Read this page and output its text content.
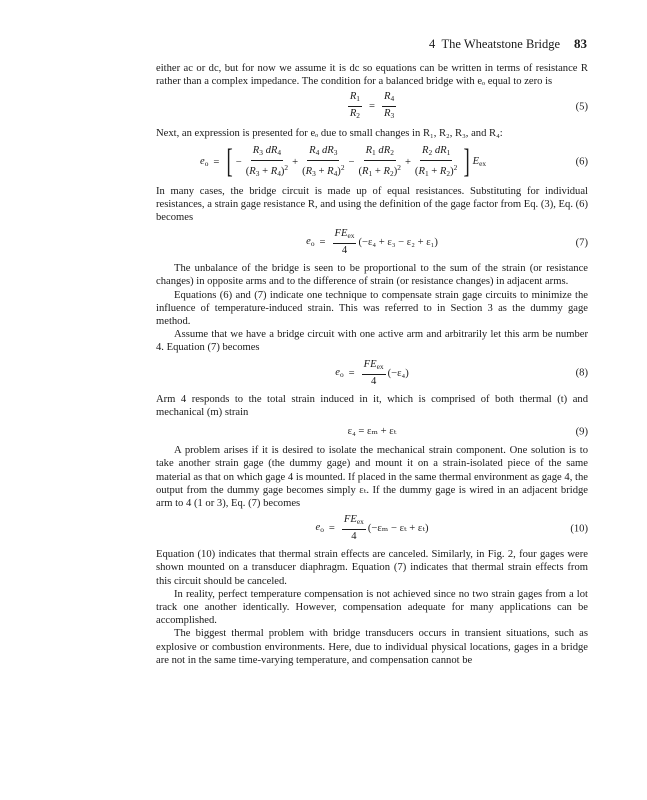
4 The Wheatstone Bridge 83

either ac or dc, but for now we assume it is dc so equations can be written in terms of resistance R rather than a complex impedance. The condition for a balanced bridge with eₒ equal to zero is

$\frac{R_1}{R_2} = \frac{R_4}{R_3}$	(5)

Next, an expression is presented for eₒ due to small changes in R₁, R₂, R₃, and R₄:

$e_o$ = [ − $\frac{R_3 dR_4}{(R_3 + R_4)^2} + \frac{R_4 dR_3}{(R_3 + R_4)^2} - \frac{R_1 dR_2}{(R_1 + R_2)^2} + \frac{R_2 dR_1}{(R_1 + R_2)^2}$ ] $E_{ex}$	(6)

In many cases, the bridge circuit is made up of equal resistances. Substituting for individual resistances, a strain gage resistance R, and using the definition of the gage factor from Eq. (3), Eq. (6) becomes

$e_o = \frac{FE_{ex}}{4} (-\varepsilon_4 + \varepsilon_3 - \varepsilon_2 + \varepsilon_1)$	(7)

The unbalance of the bridge is seen to be proportional to the sum of the strain (or resistance changes) in opposite arms and to the difference of strain (or resistance changes) in adjacent arms.

Equations (6) and (7) indicate one technique to compensate strain gage circuits to minimize the influence of temperature-induced strain. This was referred to in Section 3 as the dummy gage method.

Assume that we have a bridge circuit with one active arm and arbitrarily let this arm be number 4. Equation (7) becomes

$e_o = \frac{FE_{ex}}{4} (-\varepsilon_4)$	(8)

Arm 4 responds to the total strain induced in it, which is comprised of both thermal (t) and mechanical (m) strain

ε₄ = εₘ + εₜ	(9)

A problem arises if it is desired to isolate the mechanical strain component. One solution is to take another strain gage (the dummy gage) and mount it on a strain-isolated piece of the same material as that on which gage 4 is mounted. If placed in the same thermal environment as gage 4, the output from the dummy gage becomes simply εₜ. If the dummy gage is wired in an adjacent bridge arm to 4 (1 or 3), Eq. (7) becomes

$e_o = \frac{FE_{ex}}{4} (-\varepsilon_m - \varepsilon_t + \varepsilon_t)$	(10)

Equation (10) indicates that thermal strain effects are canceled. Similarly, in Fig. 2, four gages were shown mounted on a transducer diaphragm. Equation (7) indicates that thermal strain effects from this circuit should be canceled.

In reality, perfect temperature compensation is not achieved since no two strain gages from a lot track one another identically. However, compensation adequate for many applications can be accomplished.

The biggest thermal problem with bridge transducers occurs in transient situations, such as explosive or combustion environments. Here, due to individual physical locations, gages in a bridge are not in the same time-varying temperature, and compensation cannot be
